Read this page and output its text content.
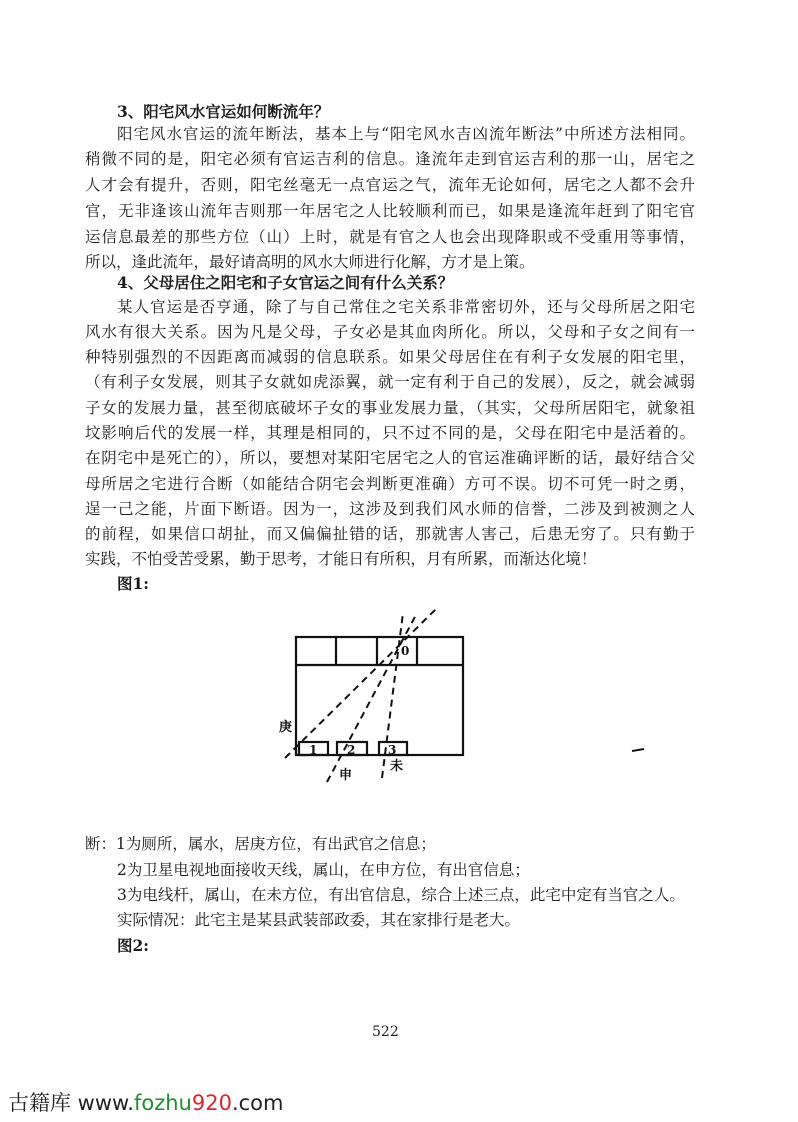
3、阳宅风水官运如何断流年？
阳宅风水官运的流年断法，基本上与“阳宅风水吉凶流年断法”中所述方法相同。
稍微不同的是，阳宅必须有官运吉利的信息。逢流年走到官运吉利的那一山，居宅之
人才会有提升，否则，阳宅丝毫无一点官运之气，流年无论如何，居宅之人都不会升
官，无非逢该山流年吉则那一年居宅之人比较顺利而已，如果是逢流年赶到了阳宅官
运信息最差的那些方位（山）上时，就是有官之人也会出现降职或不受重用等事情，
所以，逢此流年，最好请高明的风水大师进行化解，方才是上策。
4、父母居住之阳宅和子女官运之间有什么关系？
某人官运是否亨通，除了与自己常住之宅关系非常密切外，还与父母所居之阳宅
风水有很大关系。因为凡是父母，子女必是其血肉所化。所以，父母和子女之间有一
种特别强烈的不因距离而减弱的信息联系。如果父母居住在有利子女发展的阳宅里，
（有利子女发展，则其子女就如虎添翼，就一定有利于自己的发展），反之，就会减弱
子女的发展力量，甚至彻底破坏子女的事业发展力量，（其实，父母所居阳宅，就象祖
坟影响后代的发展一样，其理是相同的，只不过不同的是，父母在阳宅中是活着的。
在阴宅中是死亡的），所以，要想对某阳宅居宅之人的官运准确评断的话，最好结合父
母所居之宅进行合断（如能结合阴宅会判断更准确）方可不误。切不可凭一时之勇，
逞一己之能，片面下断语。因为一，这涉及到我们风水师的信誉，二涉及到被测之人
的前程，如果信口胡扯，而又偏偏扯错的话，那就害人害己，后患无穷了。只有勤于
实践，不怕受苦受累，勤于思考，才能日有所积，月有所累，而渐达化境！
图1:
0
1 2	3
庚
申
未
断：1为厕所，属水，居庚方位，有出武官之信息；
2为卫星电视地面接收天线，属山，在申方位，有出官信息；
3为电线杆，属山，在未方位，有出官信息，综合上述三点，此宅中定有当官之人。
实际情况：此宅主是某县武装部政委，其在家排行是老大。
图2:
522
古籍库 www.fozhu920.com
